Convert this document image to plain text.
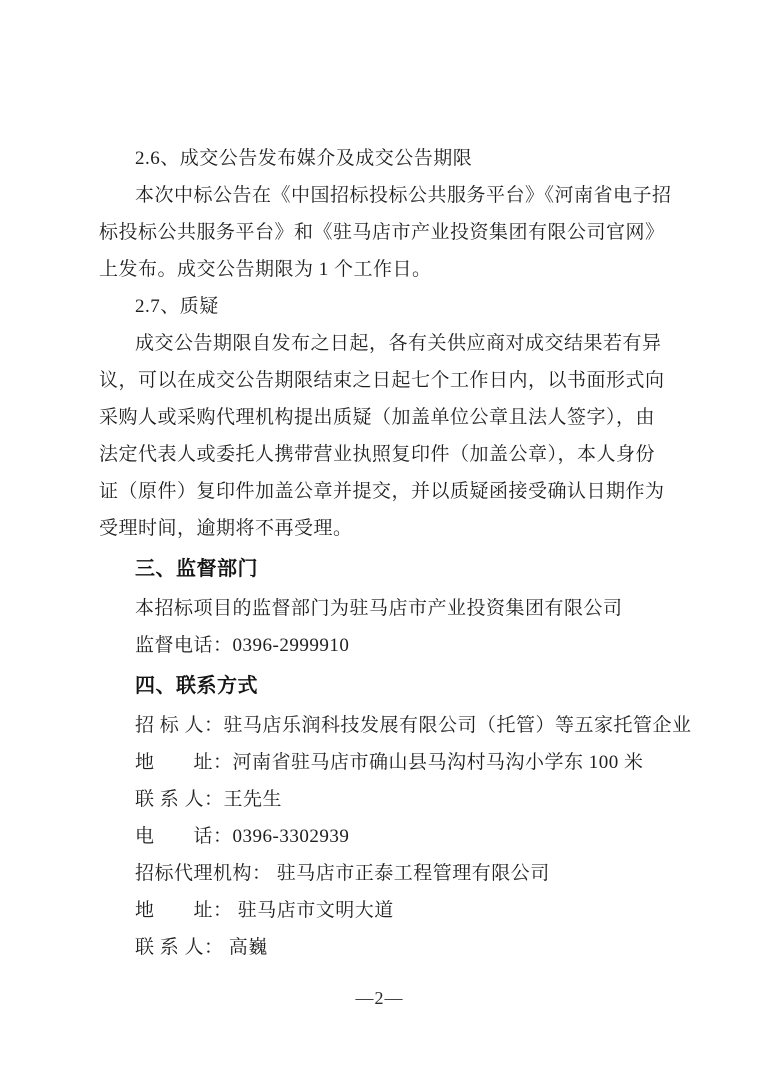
2.6、成交公告发布媒介及成交公告期限
本次中标公告在《中国招标投标公共服务平台》《河南省电子招
标投标公共服务平台》和《驻马店市产业投资集团有限公司官网》
上发布。成交公告期限为 1 个工作日。
2.7、质疑
成交公告期限自发布之日起，各有关供应商对成交结果若有异
议，可以在成交公告期限结束之日起七个工作日内，以书面形式向
采购人或采购代理机构提出质疑（加盖单位公章且法人签字），由
法定代表人或委托人携带营业执照复印件（加盖公章），本人身份
证（原件）复印件加盖公章并提交，并以质疑函接受确认日期作为
受理时间，逾期将不再受理。
三、监督部门
本招标项目的监督部门为驻马店市产业投资集团有限公司
监督电话：0396-2999910
四、联系方式
招 标 人：驻马店乐润科技发展有限公司（托管）等五家托管企业
地　　址：河南省驻马店市确山县马沟村马沟小学东 100 米
联 系 人：王先生
电　　话：0396-3302939
招标代理机构： 驻马店市正泰工程管理有限公司
地　　址： 驻马店市文明大道
联 系 人： 高巍
—2—
